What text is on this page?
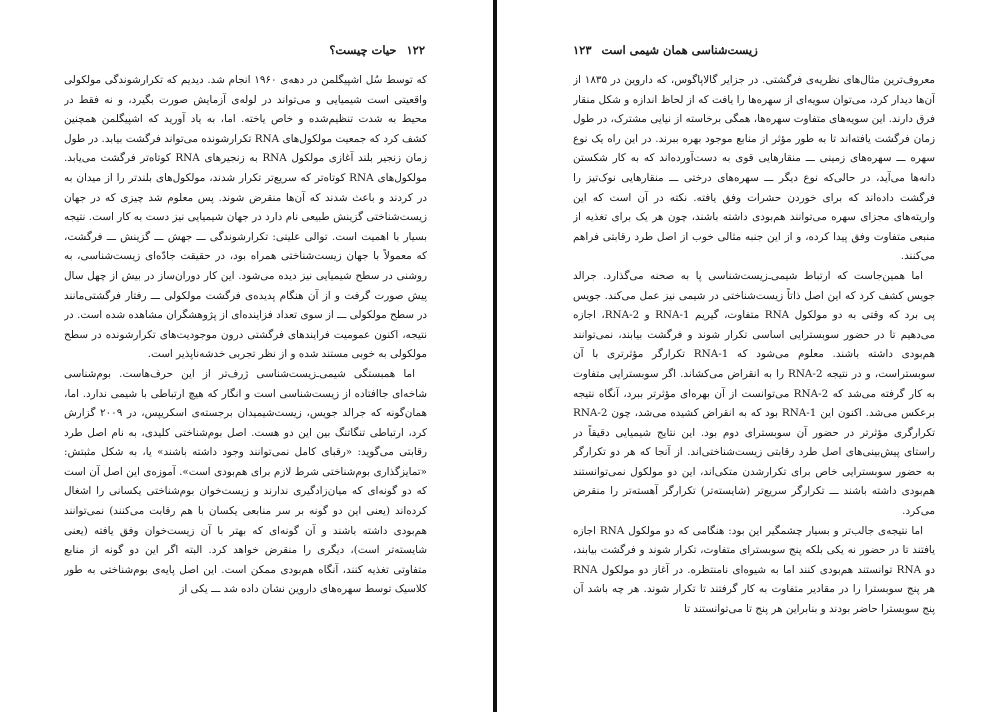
۱۲۲
حیات چیست؟

که توسط سُل اشپیگلمن در دهه‌ی ۱۹۶۰ انجام شد. دیدیم که تکرارشوندگی مولکولی واقعیتی است شیمیایی و می‌تواند در لوله‌ی آزمایش صورت بگیرد، و نه فقط در محیط به شدت تنظیم‌شده و خاص یاخته. اما، به یاد آورید که اشپیگلمن همچنین کشف کرد که جمعیت مولکول‌های RNA تکرارشونده می‌تواند فرگشت بیابد. در طول زمان زنجیر بلند آغازی مولکول RNA به زنجیرهای RNA کوتاه‌تر فرگشت می‌یابد. مولکول‌های RNA کوتاه‌تر که سریع‌تر تکرار شدند، مولکول‌های بلندتر را از میدان به در کردند و باعث شدند که آن‌ها منقرض شوند. پس معلوم شد چیزی که در جهان زیست‌شناختی گزینش طبیعی نام دارد در جهان شیمیایی نیز دست به کار است. نتیجه بسیار با اهمیت است. توالی علیتی: تکرارشوندگی ـــ جهش ـــ گزینش ـــ فرگشت، که معمولاً با جهان زیست‌شناختی همراه بود، در حقیقت جادّه‌ای زیست‌شناسی، به روشنی در سطح شیمیایی نیز دیده می‌شود. این کار دوران‌ساز در بیش از چهل سال پیش صورت گرفت و از آن هنگام پدیده‌ی فرگشت مولکولی ـــ رفتار فرگشتی‌مانند در سطح مولکولی ـــ از سوی تعداد فزاینده‌ای از پژوهشگران مشاهده شده است. در نتیجه، اکنون عمومیت فرایندهای فرگشتی درون موجودیت‌های تکرارشونده در سطح مولکولی به خوبی مستند شده و از نظر تجربی خدشه‌ناپذیر است.

اما همبستگی شیمی‌ـ‌زیست‌شناسی ژرف‌تر از این حرف‌هاست. بوم‌شناسی شاخه‌ای جاافتاده از زیست‌شناسی است و انگار که هیچ ارتباطی با شیمی ندارد. اما، همان‌گونه که جرالد جویس، زیست‌شیمیدان برجسته‌ی اسکریپس، در ۲۰۰۹ گزارش کرد، ارتباطی تنگاتنگ بین این دو هست. اصل بوم‌شناختی کلیدی، به نام اصل طرد رقابتی می‌گوید: «رقبای کامل نمی‌توانند وجود داشته باشند» یا، به شکل مثبتش: «تمایزگذاری بوم‌شناختی شرط لازم برای هم‌بودی است». آموزه‌ی این اصل آن است که دو گونه‌ای که میان‌زادگیری ندارند و زیست‌خوان بوم‌شناختی یکسانی را اشغال کرده‌اند (یعنی این دو گونه بر سر منابعی یکسان با هم رقابت می‌کنند) نمی‌توانند هم‌بودی داشته باشند و آن گونه‌ای که بهتر با آن زیست‌خوان وفق یافته (یعنی شایسته‌تر است)، دیگری را منقرض خواهد کرد. البته اگر این دو گونه از منابع متفاوتی تغذیه کنند، آنگاه هم‌بودی ممکن است. این اصل پایه‌ی بوم‌شناختی به طور کلاسیک توسط سهره‌های داروین نشان داده شد ـــ یکی از

زیست‌شناسی همان شیمی است
۱۲۳

معروف‌ترین مثال‌های نظریه‌ی فرگشتی. در جزایر گالاپاگوس، که داروین در ۱۸۳۵ از آن‌ها دیدار کرد، می‌توان سویه‌ای از سهره‌ها را یافت که از لحاظ اندازه و شکل منقار فرق دارند. این سویه‌های متفاوت سهره‌ها، همگی برخاسته از نیایی مشترک، در طول زمان فرگشت یافته‌اند تا به طور مؤثر از منابع موجود بهره ببرند. در این راه یک نوع سهره ـــ سهره‌های زمینی ـــ منقارهایی قوی به دست‌آورده‌اند که به کار شکستن دانه‌ها می‌آید، در حالی‌که نوع دیگر ـــ سهره‌های درختی ـــ منقارهایی نوک‌تیز را فرگشت داده‌اند که برای خوردن حشرات وفق یافته. نکته در آن است که این واریته‌های مجزای سهره می‌توانند هم‌بودی داشته باشند، چون هر یک برای تغذیه از منبعی متفاوت وفق پیدا کرده، و از این جنبه مثالی خوب از اصل طرد رقابتی فراهم می‌کنند.

اما همین‌جاست که ارتباط شیمی‌ـ‌زیست‌شناسی پا به صحنه می‌گذارد. جرالد جویس کشف کرد که این اصل ذاتاً زیست‌شناختی در شیمی نیز عمل می‌کند. جویس پی برد که وقتی به دو مولکول RNA متفاوت، گیریم RNA-1 و RNA-2، اجازه می‌دهیم تا در حضور سوبسترایی اساسی تکرار شوند و فرگشت بیابند، نمی‌توانند هم‌بودی داشته باشند. معلوم می‌شود که RNA-1 تکرارگر مؤثرتری با آن سوبستراست، و در نتیجه RNA-2 را به انقراض می‌کشاند. اگر سوبسترایی متفاوت به کار گرفته می‌شد که RNA-2 می‌توانست از آن بهره‌ای مؤثرتر ببرد، آنگاه نتیجه برعکس می‌شد. اکنون این RNA-1 بود که به انقراض کشیده می‌شد، چون RNA-2 تکرارگری مؤثرتر در حضور آن سوبسترای دوم بود. این نتایج شیمیایی دقیقاً در راستای پیش‌بینی‌های اصل طرد رقابتی زیست‌شناختی‌اند. از آنجا که هر دو تکرارگر به حضور سوبسترایی خاص برای تکرارشدن متکی‌اند، این دو مولکول نمی‌توانستند هم‌بودی داشته باشند ـــ تکرارگر سریع‌تر (شایسته‌تر) تکرارگر آهسته‌تر را منقرض می‌کرد.

اما نتیجه‌ی جالب‌تر و بسیار چشمگیر این بود: هنگامی که دو مولکول RNA اجازه یافتند تا در حضور نه یکی بلکه پنج سوبسترای متفاوت، تکرار شوند و فرگشت بیابند، دو RNA توانستند هم‌بودی کنند اما به شیوه‌ای نامنتظره. در آغاز دو مولکول RNA هر پنج سوبسترا را در مقادیر متفاوت به کار گرفتند تا تکرار شوند. هر چه باشد آن پنج سوبسترا حاضر بودند و بنابراین هر پنج تا می‌توانستند تا
